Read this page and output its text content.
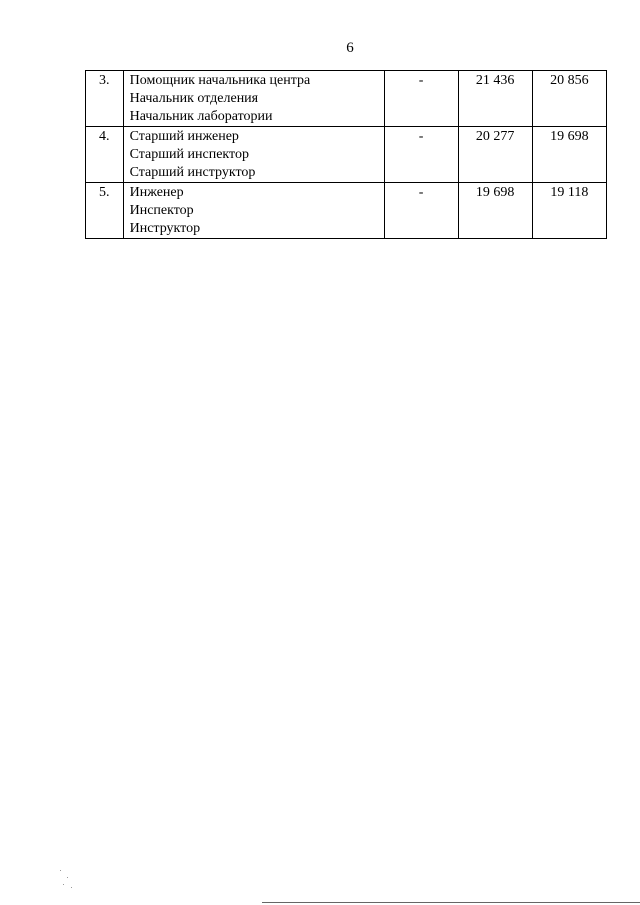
6
3.	Помощник начальника центра
Начальник отделения
Начальник лаборатории	-	21 436	20 856
4.	Старший инженер
Старший инспектор
Старший инструктор	-	20 277	19 698
5.	Инженер
Инспектор
Инструктор	-	19 698	19 118
